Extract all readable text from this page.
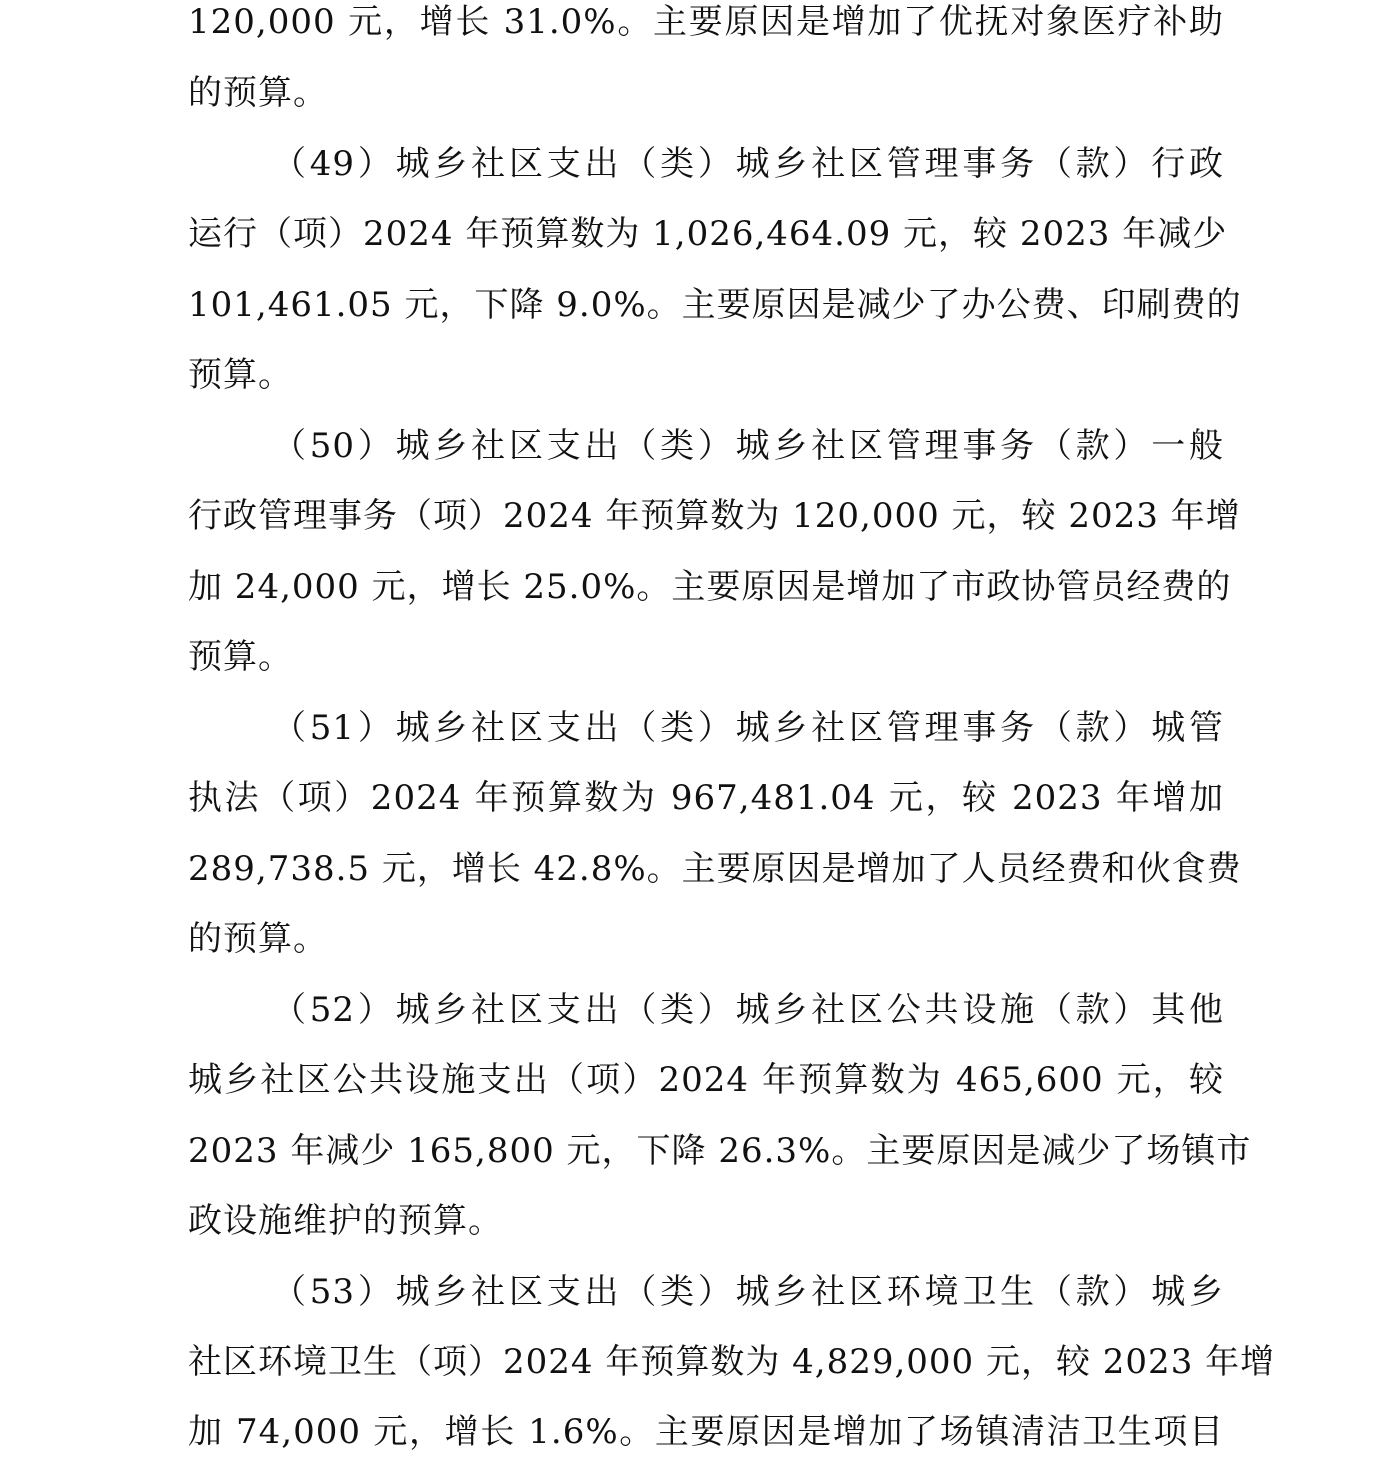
120,000 元，增长 31.0%。主要原因是增加了优抚对象医疗补助
的预算。
（49）城乡社区支出（类）城乡社区管理事务（款）行政
运行（项）2024 年预算数为 1,026,464.09 元，较 2023 年减少
101,461.05 元，下降 9.0%。主要原因是减少了办公费、印刷费的
预算。
（50）城乡社区支出（类）城乡社区管理事务（款）一般
行政管理事务（项）2024 年预算数为 120,000 元，较 2023 年增
加 24,000 元，增长 25.0%。主要原因是增加了市政协管员经费的
预算。
（51）城乡社区支出（类）城乡社区管理事务（款）城管
执法（项）2024 年预算数为 967,481.04 元，较 2023 年增加
289,738.5 元，增长 42.8%。主要原因是增加了人员经费和伙食费
的预算。
（52）城乡社区支出（类）城乡社区公共设施（款）其他
城乡社区公共设施支出（项）2024 年预算数为 465,600 元，较
2023 年减少 165,800 元，下降 26.3%。主要原因是减少了场镇市
政设施维护的预算。
（53）城乡社区支出（类）城乡社区环境卫生（款）城乡
社区环境卫生（项）2024 年预算数为 4,829,000 元，较 2023 年增
加 74,000 元，增长 1.6%。主要原因是增加了场镇清洁卫生项目
